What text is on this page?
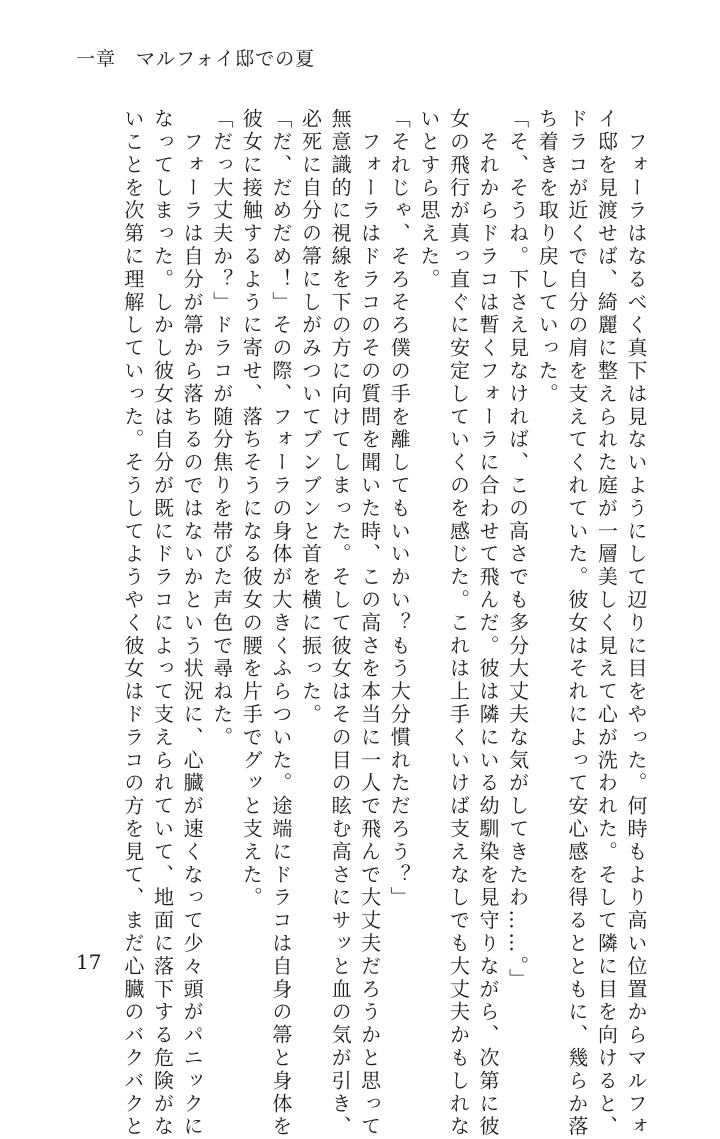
一章 マルフォイ邸での夏

　フォーラはなるべく真下は見ないようにして辺りに目をやった。何時もより高い位置からマルフォ

イ邸を見渡せば、綺麗に整えられた庭が一層美しく見えて心が洗われた。そして隣に目を向けると、

ドラコが近くで自分の肩を支えてくれていた。彼女はそれによって安心感を得るとともに、幾らか落

ち着きを取り戻していった。

「そ、そうね。下さえ見なければ、この高さでも多分大丈夫な気がしてきたわ……。」

　それからドラコは暫くフォーラに合わせて飛んだ。彼は隣にいる幼馴染を見守りながら、次第に彼

女の飛行が真っ直ぐに安定していくのを感じた。これは上手くいけば支えなしでも大丈夫かもしれな

いとすら思えた。

「それじゃ、そろそろ僕の手を離してもいいかい？もう大分慣れただろう？」

　フォーラはドラコのその質問を聞いた時、この高さを本当に一人で飛んで大丈夫だろうかと思って

無意識的に視線を下の方に向けてしまった。そして彼女はその目の眩む高さにサッと血の気が引き、

必死に自分の箒にしがみついてブンブンと首を横に振った。

「だ、だめだめ！」その際、フォーラの身体が大きくふらついた。途端にドラコは自身の箒と身体を

彼女に接触するように寄せ、落ちそうになる彼女の腰を片手でグッと支えた。

「だっ大丈夫か？」ドラコが随分焦りを帯びた声色で尋ねた。

　フォーラは自分が箒から落ちるのではないかという状況に、心臓が速くなって少々頭がパニックに

なってしまった。しかし彼女は自分が既にドラコによって支えられていて、地面に落下する危険がな

いことを次第に理解していった。そうしてようやく彼女はドラコの方を見て、まだ心臓のバクバクと

17
